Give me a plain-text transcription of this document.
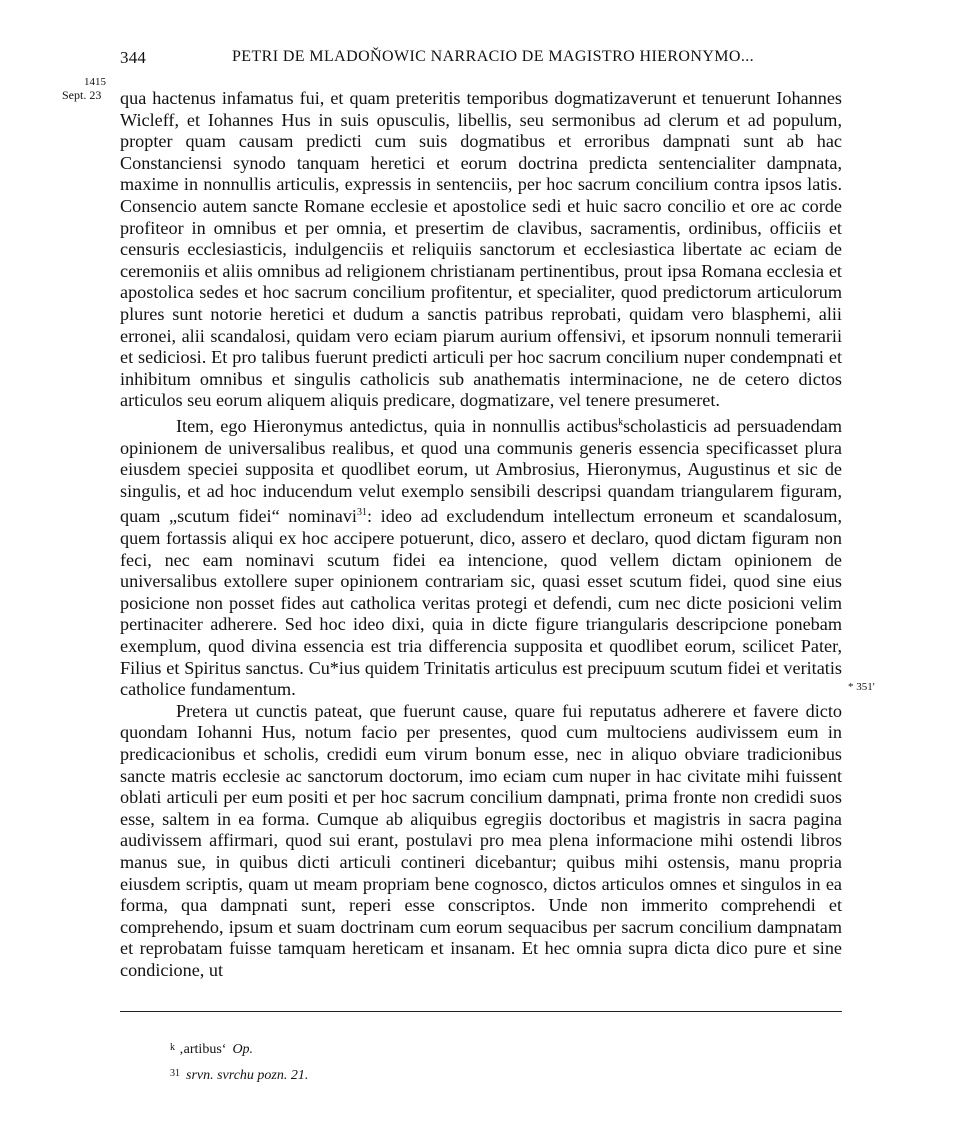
344	PETRI DE MLADOŇOWIC NARRACIO DE MAGISTRO HIERONYMO...
1415
Sept. 23	qua hactenus infamatus fui, et quam preteritis temporibus dogmatizaverunt et tenuerunt Iohannes Wicleff, et Iohannes Hus in suis opusculis, libellis, seu sermonibus ad clerum et ad populum, propter quam causam predicti cum suis dogmatibus et erroribus dampnati sunt ab hac Constanciensi synodo tanquam heretici et eorum doctrina predicta sentencialiter dampnata, maxime in nonnullis articulis, expressis in sentenciis, per hoc sacrum concilium contra ipsos latis. Consencio autem sancte Romane ecclesie et apostolice sedi et huic sacro concilio et ore ac corde profiteor in omnibus et per omnia, et presertim de clavibus, sacramentis, ordinibus, officiis et censuris ecclesiasticis, indulgenciis et reliquiis sanctorum et ecclesiastica libertate ac eciam de ceremoniis et aliis omnibus ad religionem christianam pertinentibus, prout ipsa Romana ecclesia et apostolica sedes et hoc sacrum concilium profitentur, et specialiter, quod predictorum articulorum plures sunt notorie heretici et dudum a sanctis patribus reprobati, quidam vero blasphemi, alii erronei, alii scandalosi, quidam vero eciam piarum aurium offensivi, et ipsorum nonnuli temerarii et sediciosi. Et pro talibus fuerunt predicti articuli per hoc sacrum concilium nuper condempnati et inhibitum omnibus et singulis catholicis sub anathematis interminacione, ne de cetero dictos articulos seu eorum aliquem aliquis predicare, dogmatizare, vel tenere presumeret.

Item, ego Hieronymus antedictus, quia in nonnullis actibus$^k$scholasticis ad persuadendam opinionem de universalibus realibus, et quod una communis generis essencia specificasset plura eiusdem speciei supposita et quodlibet eorum, ut Ambrosius, Hieronymus, Augustinus et sic de singulis, et ad hoc inducendum velut exemplo sensibili descripsi quandam triangularem figuram, quam „scutum fidei“ nominavi$^{31}$: ideo ad excludendum intellectum erroneum et scandalosum, quem fortassis aliqui ex hoc accipere potuerunt, dico, assero et declaro, quod dictam figuram non feci, nec eam nominavi scutum fidei ea intencione, quod vellem dictam opinionem de universalibus extollere super opinionem contrariam sic, quasi esset scutum fidei, quod sine eius posicione non posset fides aut catholica veritas protegi et defendi, cum nec dicte posicioni velim pertinaciter adherere. Sed hoc ideo dixi, quia in dicte figure triangularis descripcione ponebam exemplum, quod divina essencia est tria differencia supposita et quodlibet eorum, scilicet Pater, Filius et Spiritus sanctus. Cu*ius quidem Trinitatis articulus est precipuum scutum fidei et veritatis catholice fundamentum.

Pretera ut cunctis pateat, que fuerunt cause, quare fui reputatus adherere et favere dicto quondam Iohanni Hus, notum facio per presentes, quod cum multociens audivissem eum in predicacionibus et scholis, credidi eum virum bonum esse, nec in aliquo obviare tradicionibus sancte matris ecclesie ac sanctorum doctorum, imo eciam cum nuper in hac civitate mihi fuissent oblati articuli per eum positi et per hoc sacrum concilium dampnati, prima fronte non credidi suos esse, saltem in ea forma. Cumque ab aliquibus egregiis doctoribus et magistris in sacra pagina audivissem affirmari, quod sui erant, postulavi pro mea plena informacione mihi ostendi libros manus sue, in quibus dicti articuli contineri dicebantur; quibus mihi ostensis, manu propria eiusdem scriptis, quam ut meam propriam bene cognosco, dictos articulos omnes et singulos in ea forma, qua dampnati sunt, reperi esse conscriptos. Unde non immerito comprehendi et comprehendo, ipsum et suam doctrinam cum eorum sequacibus per sacrum concilium dampnatam et reprobatam fuisse tamquam hereticam et insanam. Et hec omnia supra dicta dico pure et sine condicione, ut

* 351'
$^k$ ‚artibus‘ Op.
$^{31}$ srvn. svrchu pozn. 21.
